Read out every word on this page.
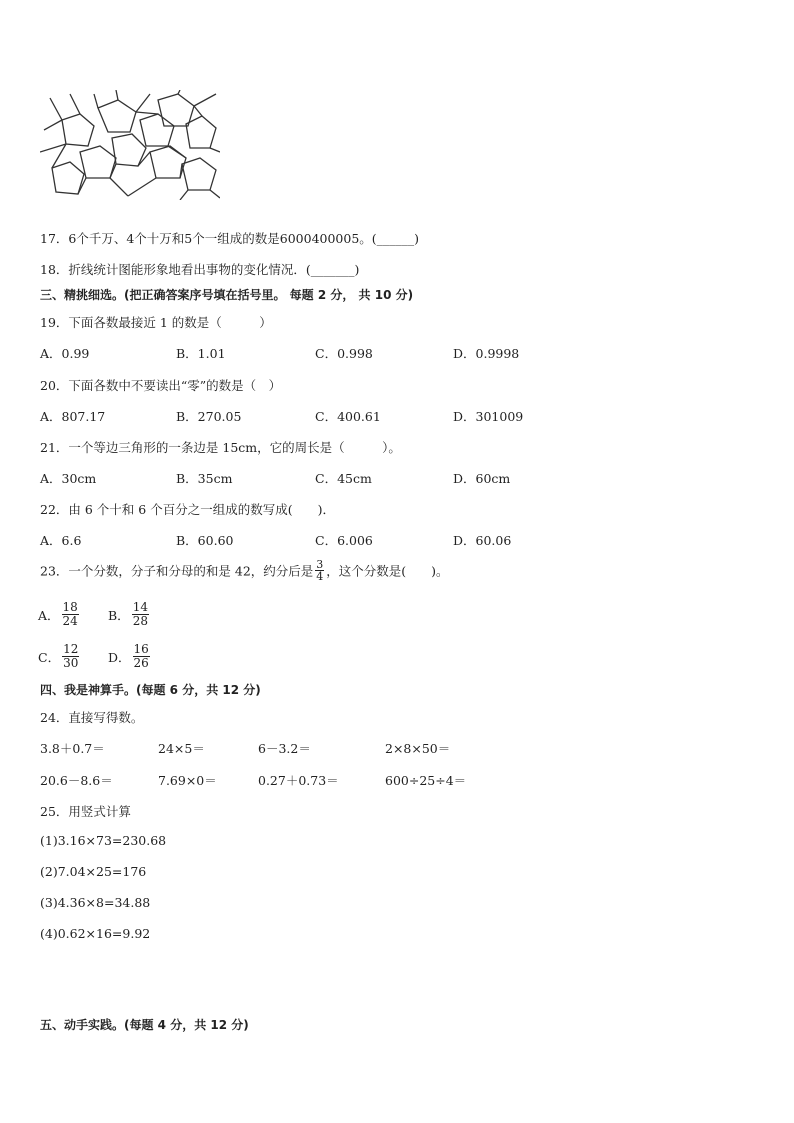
17．6个千万、4个十万和5个一组成的数是6000400005。(______)
18．折线统计图能形象地看出事物的变化情况．(_______)
三、精挑细选。(把正确答案序号填在括号里。 每题 2 分， 共 10 分)
19．下面各数最接近 1 的数是（　　　）
A．0.99	B．1.01	C．0.998	D．0.9998
20．下面各数中不要读出“零”的数是（　）
A．807.17	B．270.05	C．400.61	D．301009
21．一个等边三角形的一条边是 15cm，它的周长是（　　　）。
A．30cm	B．35cm	C．45cm	D．60cm
22．由 6 个十和 6 个百分之一组成的数写成(　　)．
A．6.6	B．60.60	C．6.006	D．60.06
23．一个分数，分子和分母的和是 42，约分后是 $\frac{3}{4}$ ，这个分数是(　　)。
A． $\frac{18}{24}$ B． $\frac{14}{28}$
C． $\frac{12}{30}$ D． $\frac{16}{26}$
四、我是神算手。(每题 6 分，共 12 分)
24．直接写得数。
3.8＋0.7＝	24×5＝	6－3.2＝	2×8×50＝
20.6－8.6＝	7.69×0＝	0.27＋0.73＝	600÷25÷4＝
25．用竖式计算
(1)3.16×73=230.68
(2)7.04×25=176
(3)4.36×8=34.88
(4)0.62×16=9.92
五、动手实践。(每题 4 分，共 12 分)
